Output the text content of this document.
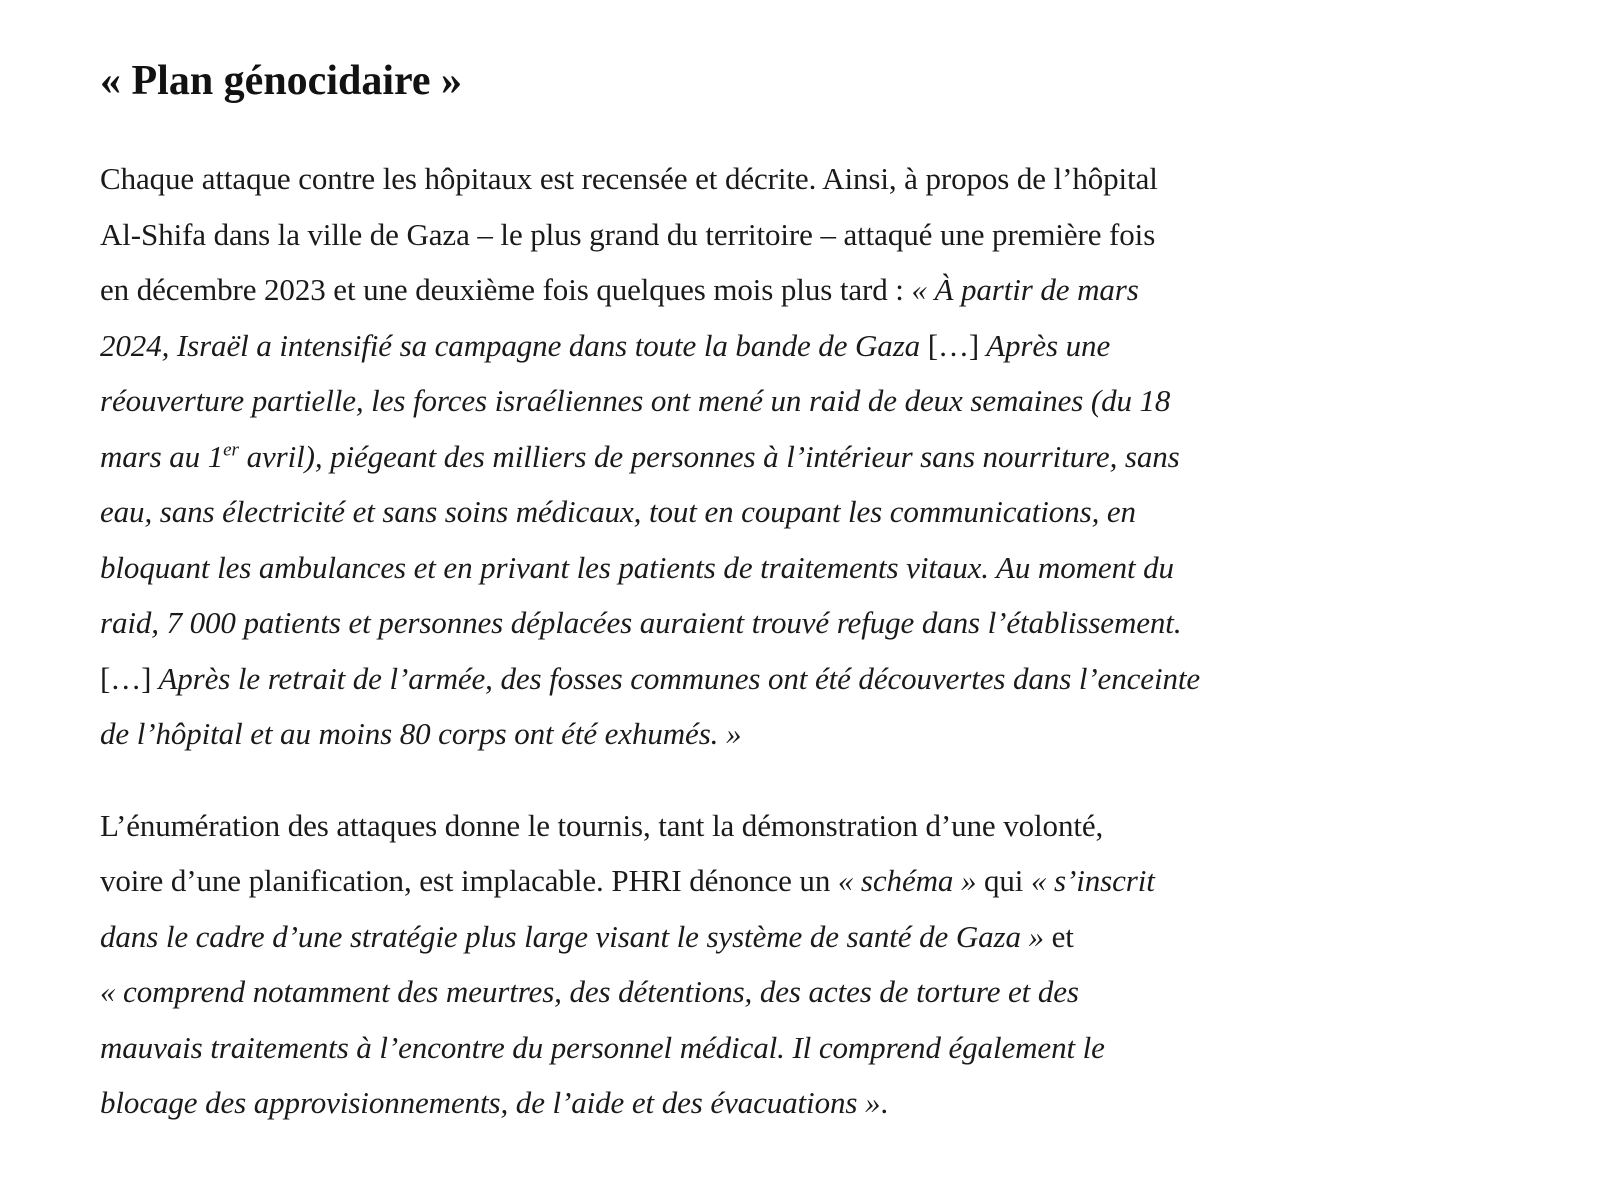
« Plan génocidaire »

Chaque attaque contre les hôpitaux est recensée et décrite. Ainsi, à propos de l’hôpital
Al-Shifa dans la ville de Gaza – le plus grand du territoire – attaqué une première fois
en décembre 2023 et une deuxième fois quelques mois plus tard : « À partir de mars
2024, Israël a intensifié sa campagne dans toute la bande de Gaza […] Après une
réouverture partielle, les forces israéliennes ont mené un raid de deux semaines (du 18
mars au 1er avril), piégeant des milliers de personnes à l’intérieur sans nourriture, sans
eau, sans électricité et sans soins médicaux, tout en coupant les communications, en
bloquant les ambulances et en privant les patients de traitements vitaux. Au moment du
raid, 7 000 patients et personnes déplacées auraient trouvé refuge dans l’établissement.
[…] Après le retrait de l’armée, des fosses communes ont été découvertes dans l’enceinte
de l’hôpital et au moins 80 corps ont été exhumés. »

L’énumération des attaques donne le tournis, tant la démonstration d’une volonté,
voire d’une planification, est implacable. PHRI dénonce un « schéma » qui « s’inscrit
dans le cadre d’une stratégie plus large visant le système de santé de Gaza » et
« comprend notamment des meurtres, des détentions, des actes de torture et des
mauvais traitements à l’encontre du personnel médical. Il comprend également le
blocage des approvisionnements, de l’aide et des évacuations ».
